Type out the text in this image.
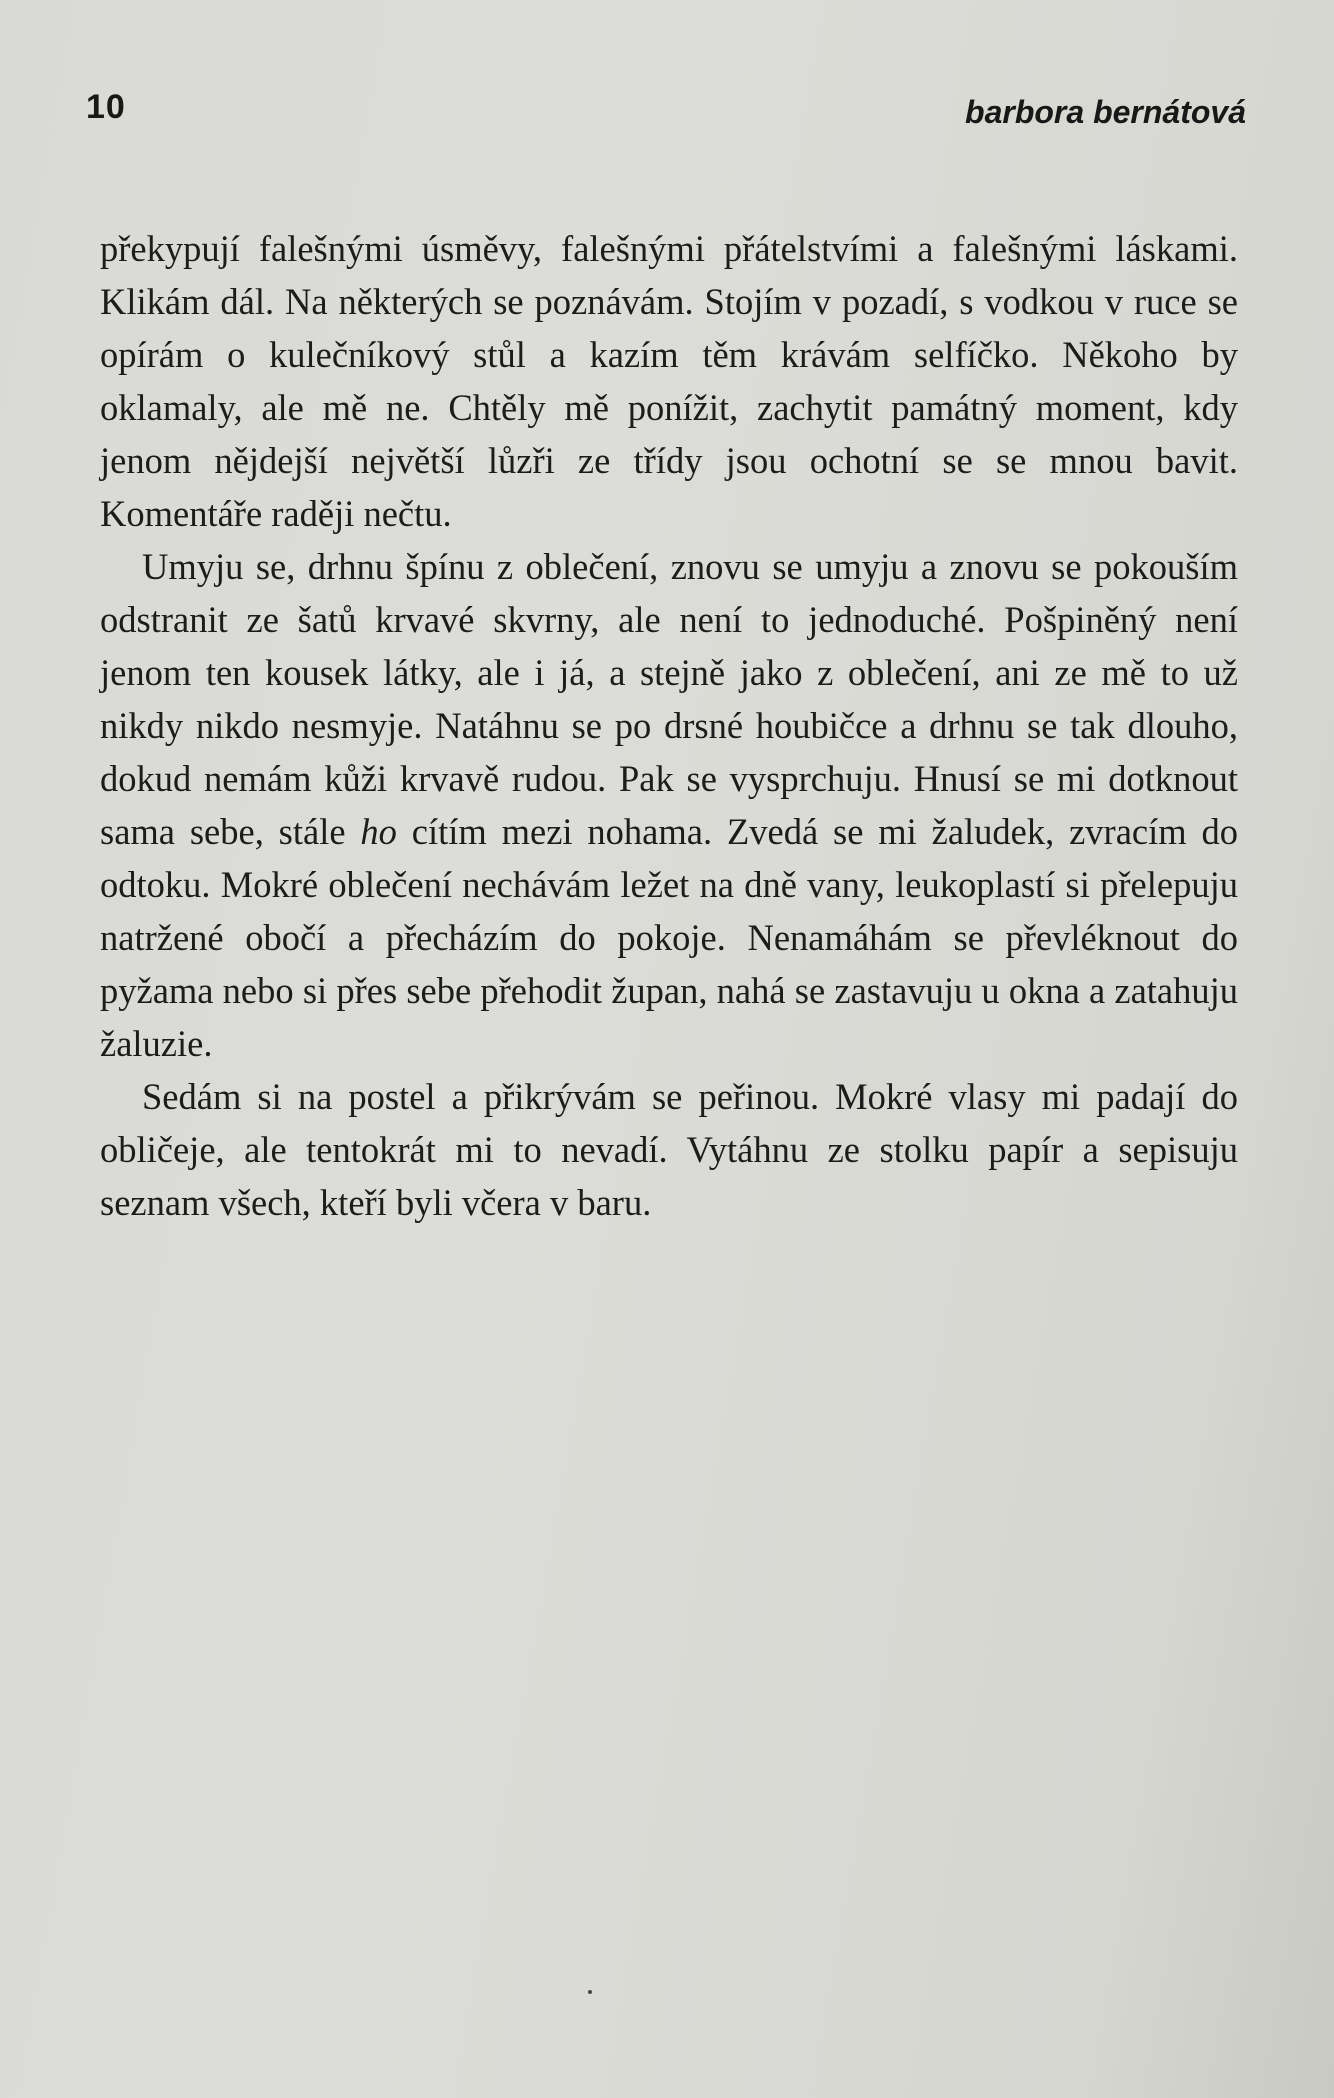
10	barbora bernátová

překypují falešnými úsměvy, falešnými přátelstvími a falešnými láskami. Klikám dál. Na některých se poznávám. Stojím v pozadí, s vodkou v ruce se opírám o kulečníkový stůl a kazím těm krávám selfíčko. Někoho by oklamaly, ale mě ne. Chtěly mě ponížit, zachytit památný moment, kdy jenom nějdejší největší lůzři ze třídy jsou ochotní se se mnou bavit. Komentáře raději nečtu.

Umyju se, drhnu špínu z oblečení, znovu se umyju a znovu se pokouším odstranit ze šatů krvavé skvrny, ale není to jednoduché. Pošpiněný není jenom ten kousek látky, ale i já, a stejně jako z oblečení, ani ze mě to už nikdy nikdo nesmyje. Natáhnu se po drsné houbičce a drhnu se tak dlouho, dokud nemám kůži krvavě rudou. Pak se vysprchuju. Hnusí se mi dotknout sama sebe, stále ho cítím mezi nohama. Zvedá se mi žaludek, zvracím do odtoku. Mokré oblečení nechávám ležet na dně vany, leukoplastí si přelepuju natržené obočí a přecházím do pokoje. Nenamáhám se převléknout do pyžama nebo si přes sebe přehodit župan, nahá se zastavuju u okna a zatahuju žaluzie.

Sedám si na postel a přikrývám se peřinou. Mokré vlasy mi padají do obličeje, ale tentokrát mi to nevadí. Vytáhnu ze stolku papír a sepisuju seznam všech, kteří byli včera v baru.
